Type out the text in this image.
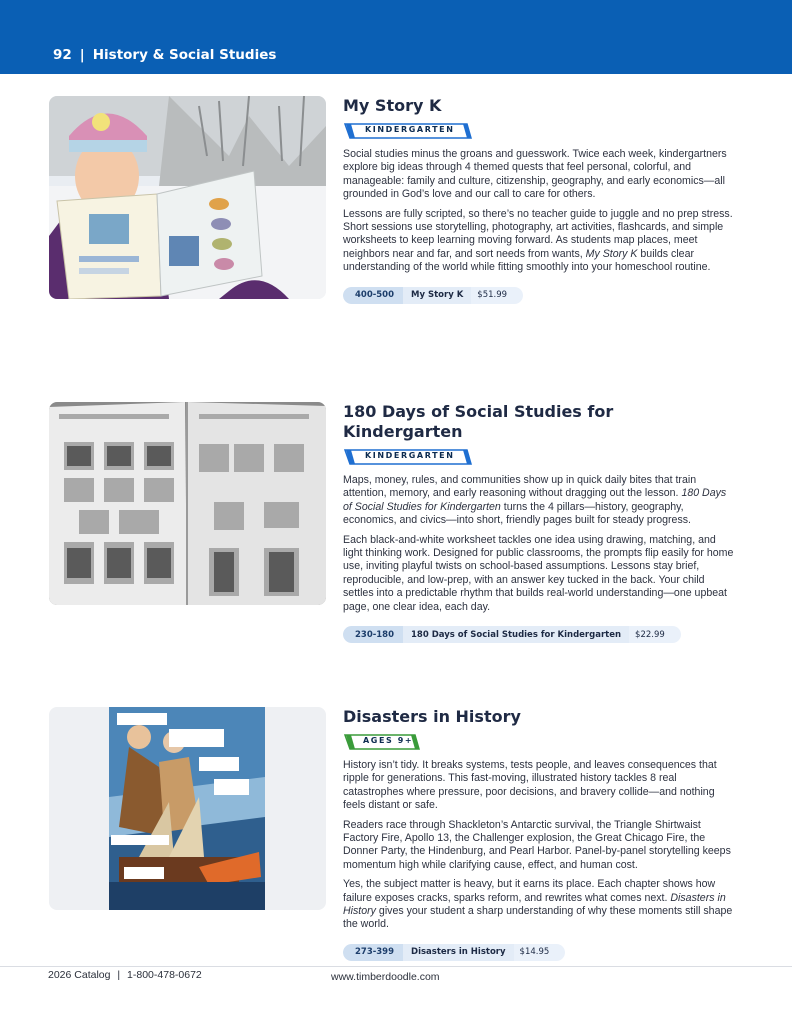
92 | History & Social Studies
My Story K
KINDERGARTEN

Social studies minus the groans and guesswork. Twice each week, kindergartners explore big ideas through 4 themed quests that feel personal, colorful, and manageable: family and culture, citizenship, geography, and early economics—all grounded in God’s love and our call to care for others.

Lessons are fully scripted, so there’s no teacher guide to juggle and no prep stress. Short sessions use storytelling, photography, art activities, flashcards, and simple worksheets to keep learning moving forward. As students map places, meet neighbors near and far, and sort needs from wants, My Story K builds clear understanding of the world while fitting smoothly into your homeschool routine.

400-500	My Story K	$51.99
180 Days of Social Studies for Kindergarten
KINDERGARTEN

Maps, money, rules, and communities show up in quick daily bites that train attention, memory, and early reasoning without dragging out the lesson. 180 Days of Social Studies for Kindergarten turns the 4 pillars—history, geography, economics, and civics—into short, friendly pages built for steady progress.

Each black-and-white worksheet tackles one idea using drawing, matching, and light thinking work. Designed for public classrooms, the prompts flip easily for home use, inviting playful twists on school-based assumptions. Lessons stay brief, reproducible, and low-prep, with an answer key tucked in the back. Your child settles into a predictable rhythm that builds real-world understanding—one upbeat page, one clear idea, each day.

230-180	180 Days of Social Studies for Kindergarten	$22.99
Disasters in History
AGES 9+

History isn’t tidy. It breaks systems, tests people, and leaves consequences that ripple for generations. This fast-moving, illustrated history tackles 8 real catastrophes where pressure, poor decisions, and bravery collide—and nothing feels distant or safe.

Readers race through Shackleton’s Antarctic survival, the Triangle Shirtwaist Factory Fire, Apollo 13, the Challenger explosion, the Great Chicago Fire, the Donner Party, the Hindenburg, and Pearl Harbor. Panel-by-panel storytelling keeps momentum high while clarifying cause, effect, and human cost.

Yes, the subject matter is heavy, but it earns its place. Each chapter shows how failure exposes cracks, sparks reform, and rewrites what comes next. Disasters in History gives your student a sharp understanding of why these moments still shape the world.

273-399	Disasters in History	$14.95
2026 Catalog | 1-800-478-0672	www.timberdoodle.com
